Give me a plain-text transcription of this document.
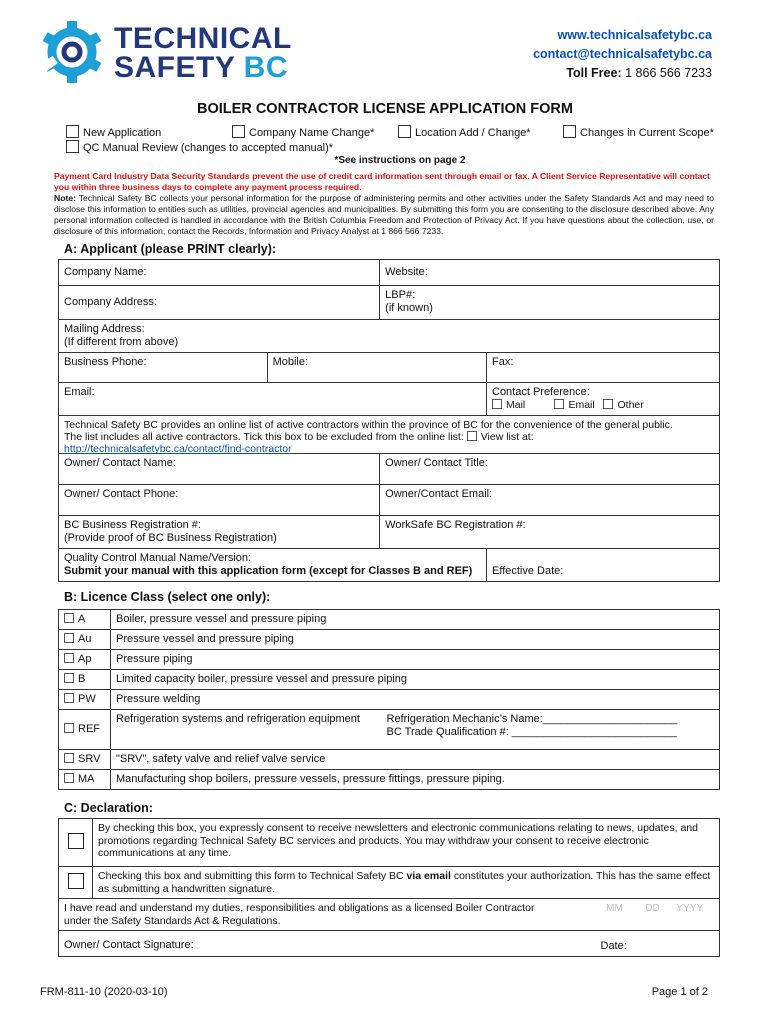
TECHNICAL
SAFETY BC
www.technicalsafetybc.ca
contact@technicalsafetybc.ca
Toll Free: 1 866 566 7233
BOILER CONTRACTOR LICENSE APPLICATION FORM
New Application	Company Name Change*	Location Add / Change*	Changes in Current Scope*
QC Manual Review (changes to accepted manual)*
*See instructions on page 2
Payment Card Industry Data Security Standards prevent the use of credit card information sent through email or fax. A Client Service Representative will contact you within three business days to complete any payment process required.
Note: Technical Safety BC collects your personal information for the purpose of administering permits and other activities under the Safety Standards Act and may need to disclose this information to entities such as utilities, provincial agencies and municipalities. By submitting this form you are consenting to the disclosure described above. Any personal information collected is handled in accordance with the British Columbia Freedom and Protection of Privacy Act. If you have questions about the collection, use, or disclosure of this information, contact the Records, Information and Privacy Analyst at 1 866 566 7233.
A: Applicant (please PRINT clearly):
Company Name:		Website:	
Company Address:		LBP#:
(if known)	

Mailing Address:
(If different from above)			

Business Phone:	Mobile:		Fax:
Email:			Contact Preference:
Mail Email Other

Technical Safety BC provides an online list of active contractors within the province of BC for the convenience of the general public.
The list includes all active contractors. Tick this box to be excluded from the online list: View list at: http://technicalsafetybc.ca/contact/find-contractor			

Owner/ Contact Name:		Owner/ Contact Title:	
Owner/ Contact Phone:		Owner/Contact Email:	

BC Business Registration #:
(Provide proof of BC Business Registration)		WorkSafe BC Registration #:	

Quality Control Manual Name/Version:
Submit your manual with this application form (except for Classes B and REF)			Effective Date:
B: Licence Class (select one only):
A	Boiler, pressure vessel and pressure piping	
Au	Pressure vessel and pressure piping	
Ap	Pressure piping	
B	Limited capacity boiler, pressure vessel and pressure piping	
PW	Pressure welding	
REF	Refrigeration systems and refrigeration equipment	Refrigeration Mechanic’s Name:______________________
BC Trade Qualification #: ___________________________

SRV	"SRV", safety valve and relief valve service	
MA	Manufacturing shop boilers, pressure vessels, pressure fittings, pressure piping.	
C: Declaration:
	By checking this box, you expressly consent to receive newsletters and electronic communications relating to news, updates, and promotions regarding Technical Safety BC services and products. You may withdraw your consent to receive electronic communications at any time.			
	Checking this box and submitting this form to Technical Safety BC via email constitutes your authorization. This has the same effect as submitting a handwritten signature.			

I have read and understand my duties, responsibilities and obligations as a licensed Boiler Contractor
under the Safety Standards Act & Regulations.		MM	DD	YYYY
Owner/ Contact Signature:		Date:		
FRM-811-10 (2020-03-10)	Page 1 of 2
